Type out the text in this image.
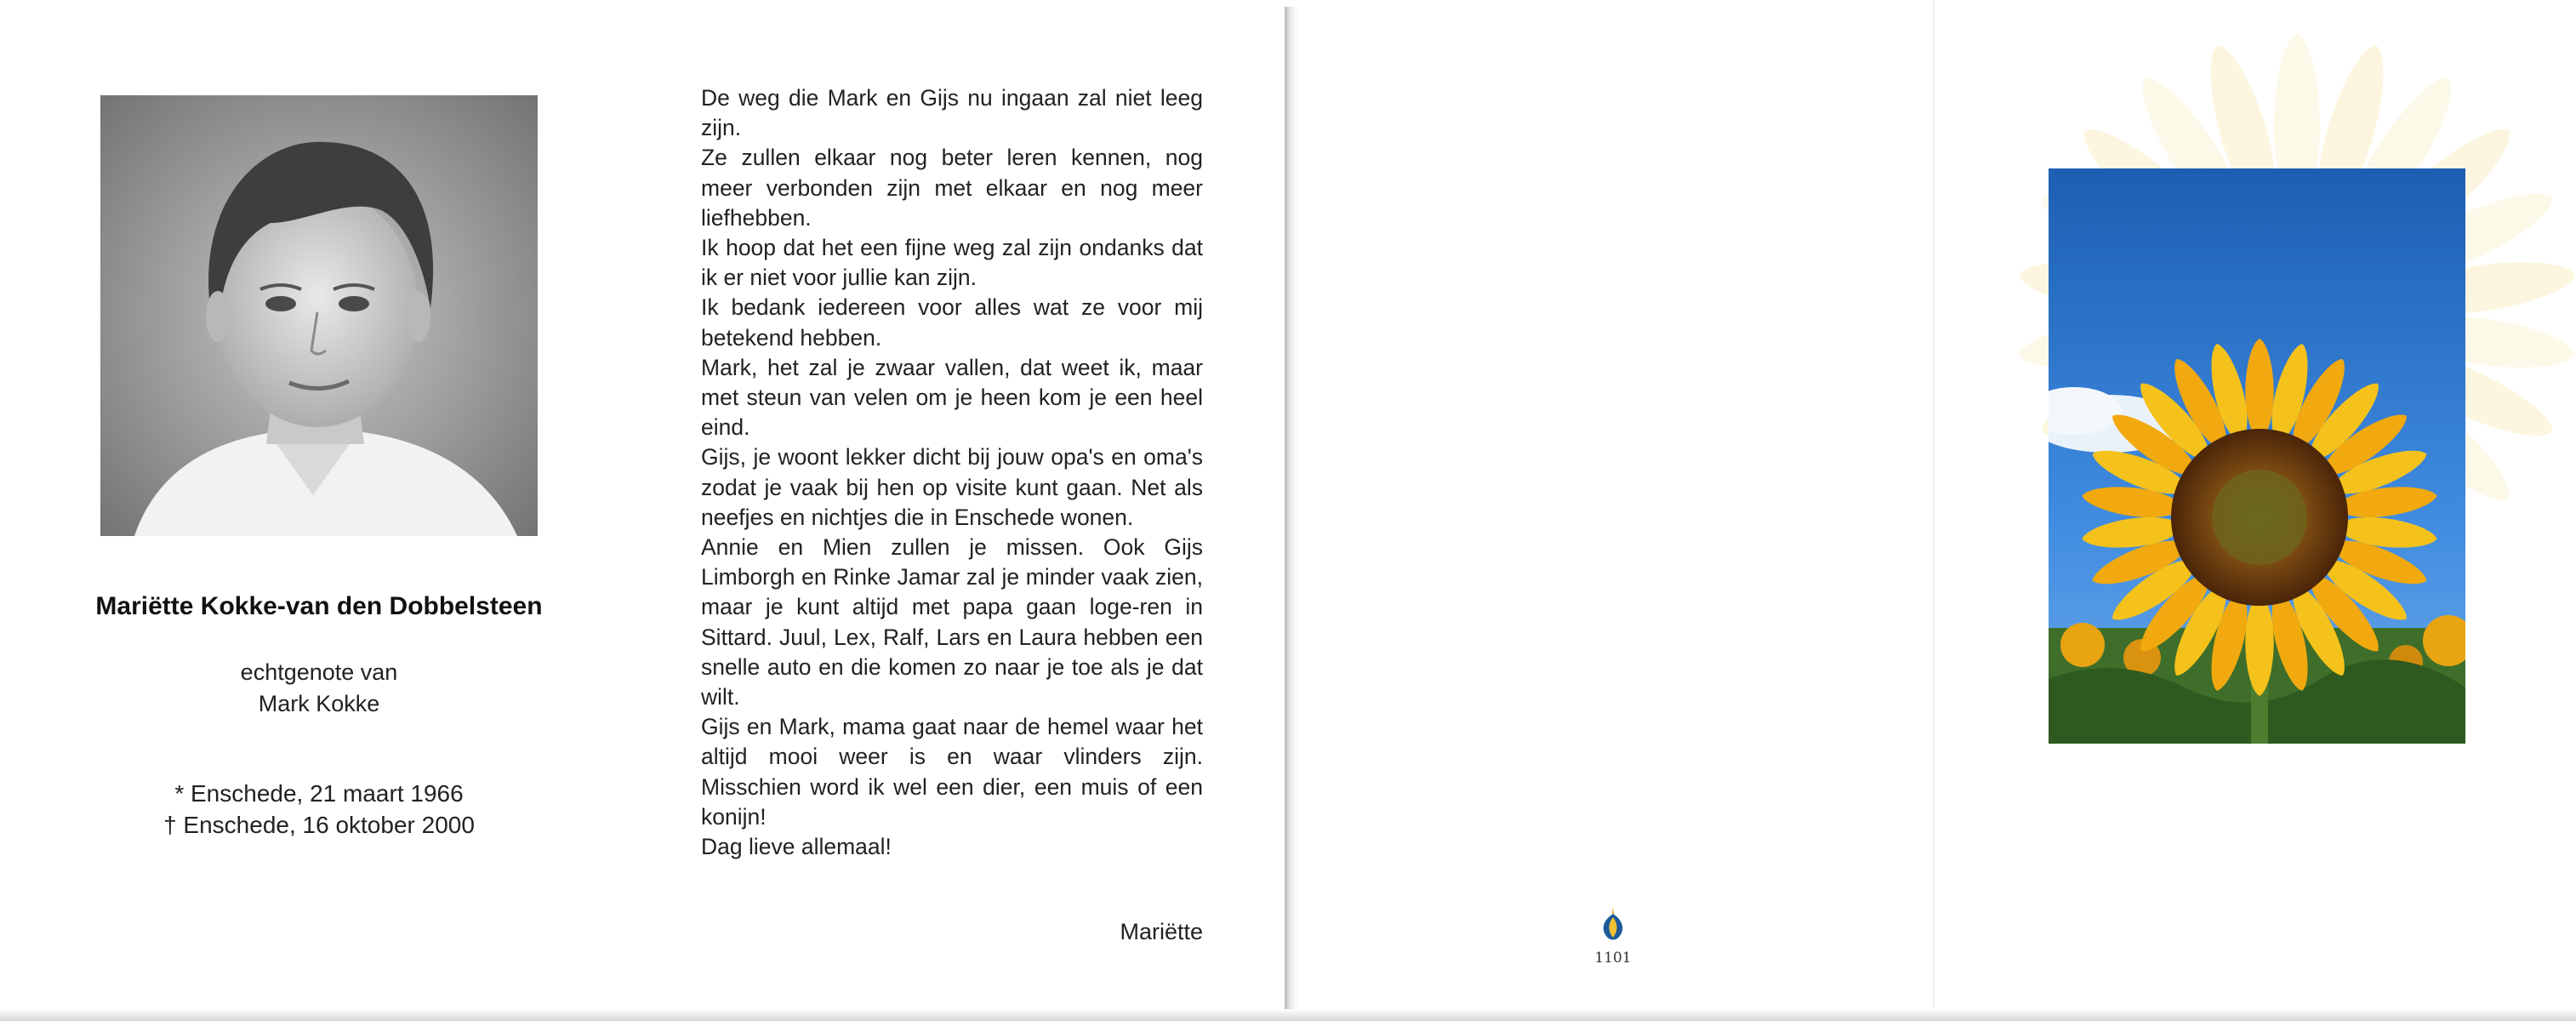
Mariëtte Kokke-van den Dobbelsteen
echtgenote van
Mark Kokke
* Enschede, 21 maart 1966
† Enschede, 16 oktober 2000

De weg die Mark en Gijs nu ingaan zal niet leeg zijn.

Ze zullen elkaar nog beter leren kennen, nog meer verbonden zijn met elkaar en nog meer liefhebben.

Ik hoop dat het een fijne weg zal zijn ondanks dat ik er niet voor jullie kan zijn.

Ik bedank iedereen voor alles wat ze voor mij betekend hebben.

Mark, het zal je zwaar vallen, dat weet ik, maar met steun van velen om je heen kom je een heel eind.

Gijs, je woont lekker dicht bij jouw opa's en oma's zodat je vaak bij hen op visite kunt gaan. Net als neefjes en nichtjes die in Enschede wonen.

Annie en Mien zullen je missen. Ook Gijs Limborgh en Rinke Jamar zal je minder vaak zien, maar je kunt altijd met papa gaan loge-ren in Sittard. Juul, Lex, Ralf, Lars en Laura hebben een snelle auto en die komen zo naar je toe als je dat wilt.

Gijs en Mark, mama gaat naar de hemel waar het altijd mooi weer is en waar vlinders zijn. Misschien word ik wel een dier, een muis of een konijn!

Dag lieve allemaal!

Mariëtte
1101
